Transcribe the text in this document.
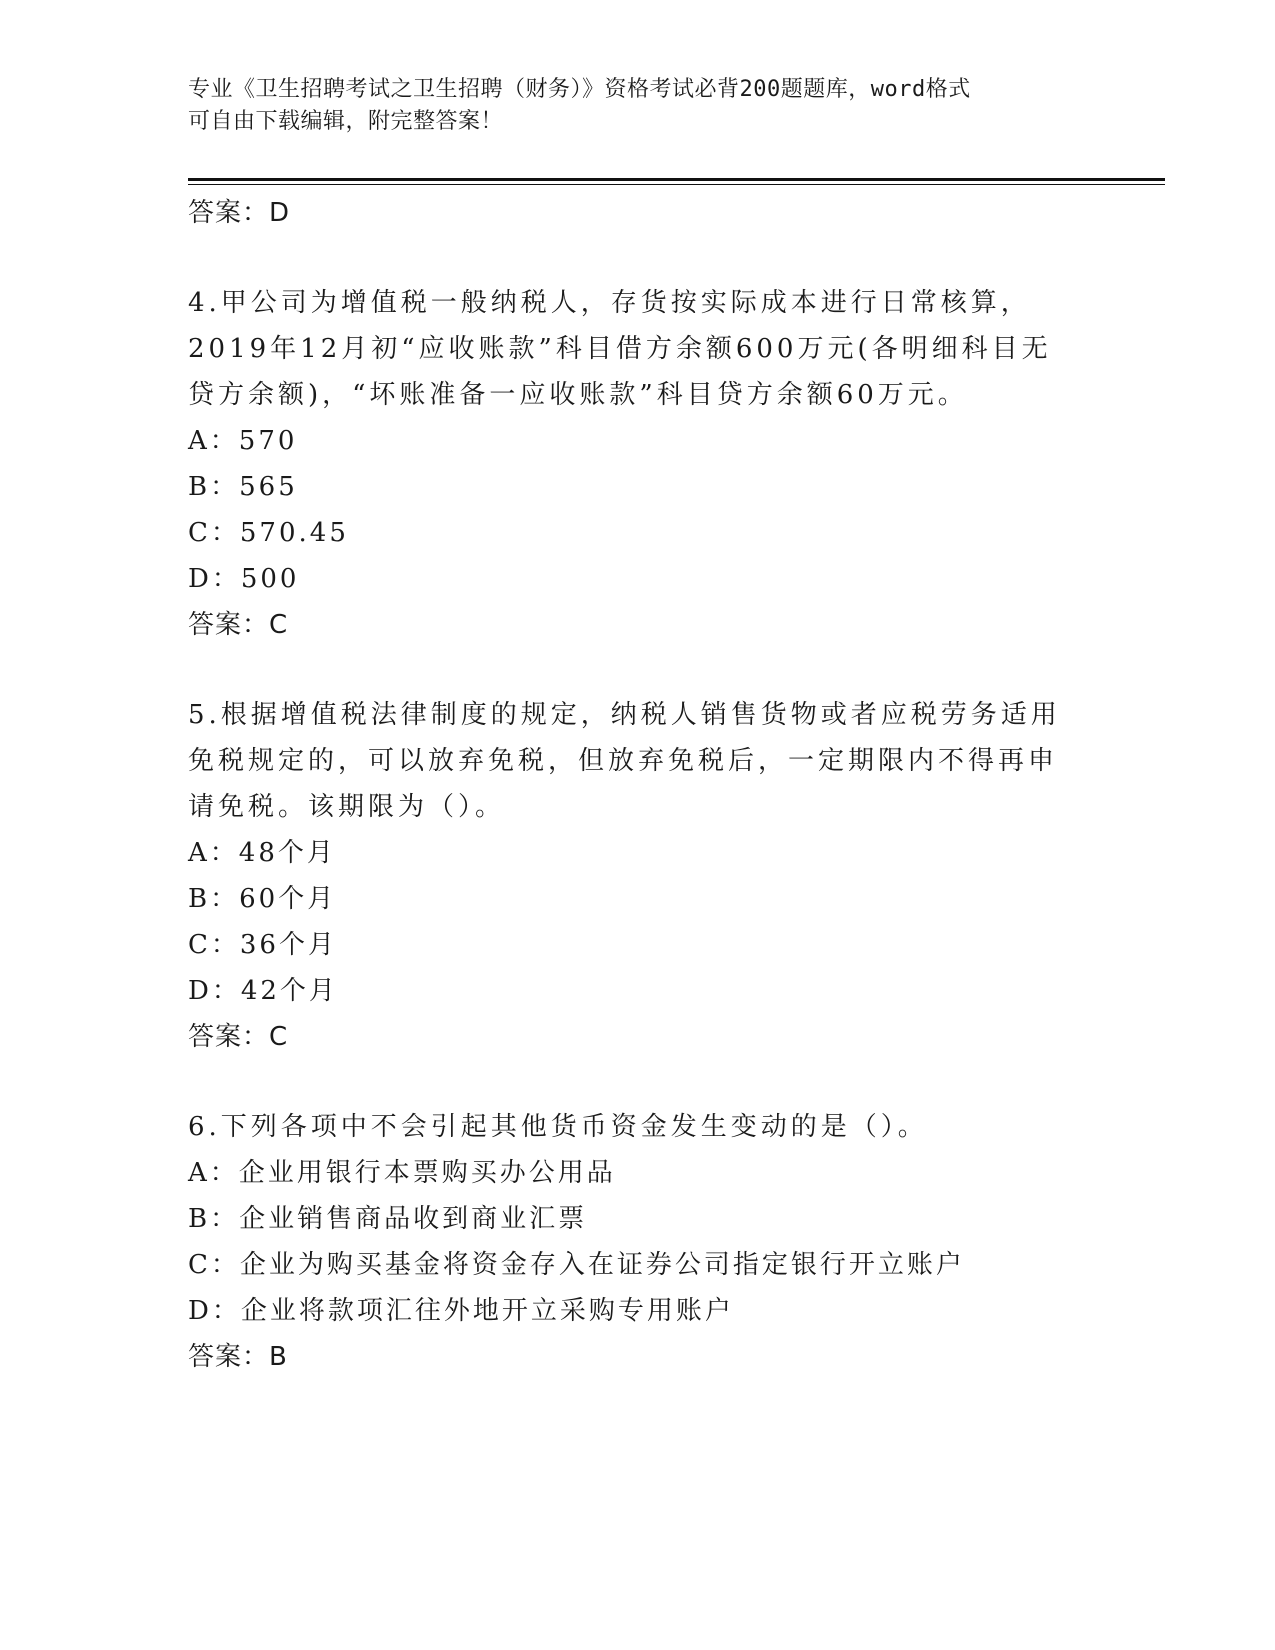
专业《卫生招聘考试之卫生招聘（财务）》资格考试必背200题题库，word格式
可自由下载编辑，附完整答案！
答案：D
4.甲公司为增值税一般纳税人，存货按实际成本进行日常核算，2019年12月初“应收账款”科目借方余额600万元(各明细科目无贷方余额)，“坏账准备一应收账款”科目贷方余额60万元。
A：570
B：565
C：570.45
D：500
答案：C
5.根据增值税法律制度的规定，纳税人销售货物或者应税劳务适用免税规定的，可以放弃免税，但放弃免税后，一定期限内不得再申请免税。该期限为（）。
A：48个月
B：60个月
C：36个月
D：42个月
答案：C
6.下列各项中不会引起其他货币资金发生变动的是（）。
A：企业用银行本票购买办公用品
B：企业销售商品收到商业汇票
C：企业为购买基金将资金存入在证券公司指定银行开立账户
D：企业将款项汇往外地开立采购专用账户
答案：B
